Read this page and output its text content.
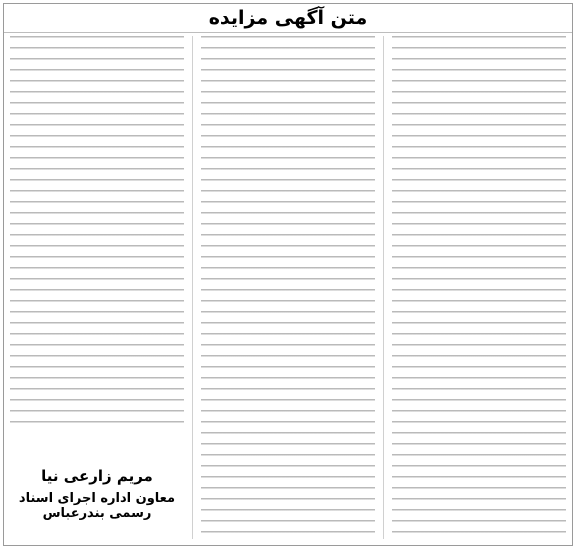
متن آگهی مزایده
مریم زارعی نیا
معاون اداره اجرای اسناد رسمی بندرعباس
